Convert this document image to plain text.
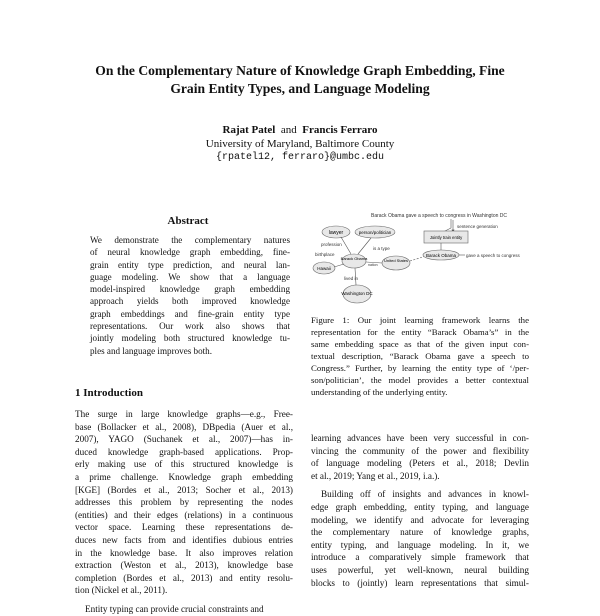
On the Complementary Nature of Knowledge Graph Embedding, Fine
Grain Entity Types, and Language Modeling
Rajat Patel and Francis Ferraro
University of Maryland, Baltimore County
{rpatel12, ferraro}@umbc.edu
Abstract
We demonstrate the complementary natures
of neural knowledge graph embedding, fine-
grain entity type prediction, and neural lan-
guage modeling. We show that a language
model-inspired knowledge graph embedding
approach yields both improved knowledge
graph embeddings and fine-grain entity type
representations. Our work also shows that
jointly modeling both structured knowledge tu-
ples and language improves both.
Barack Obama gave a speech to congress in Washington DC
sentence generation
lawyer	person/politician
Barack Obama
Hawaii
United States
Washington DC
profession
is a type
birthplace
lived in
nation
Jointly train entity
Barack Obama gave a speech to congress
Figure 1: Our joint learning framework learns the
representation for the entity “Barack Obama’s” in the
same embedding space as that of the given input con-
textual description, “Barack Obama gave a speech to
Congress.” Further, by learning the entity type of ‘/per-
son/politician’, the model provides a better contextual
understanding of the underlying entity.
1 Introduction
The surge in large knowledge graphs—e.g., Free-
base (Bollacker et al., 2008), DBpedia (Auer et al.,
2007), YAGO (Suchanek et al., 2007)—has in-
duced knowledge graph-based applications. Prop-
erly making use of this structured knowledge is
a prime challenge. Knowledge graph embedding
[KGE] (Bordes et al., 2013; Socher et al., 2013)
addresses this problem by representing the nodes
(entities) and their edges (relations) in a continuous
vector space. Learning these representations de-
duces new facts from and identifies dubious entries
in the knowledge base. It also improves relation
extraction (Weston et al., 2013), knowledge base
completion (Bordes et al., 2013) and entity resolu-
tion (Nickel et al., 2011).
Entity typing can provide crucial constraints and
learning advances have been very successful in con-
vincing the community of the power and flexibility
of language modeling (Peters et al., 2018; Devlin
et al., 2019; Yang et al., 2019, i.a.).
Building off of insights and advances in knowl-
edge graph embedding, entity typing, and language
modeling, we identify and advocate for leveraging
the complementary nature of knowledge graphs,
entity typing, and language modeling. In it, we
introduce a comparatively simple framework that
uses powerful, yet well-known, neural building
blocks to (jointly) learn representations that simul-
